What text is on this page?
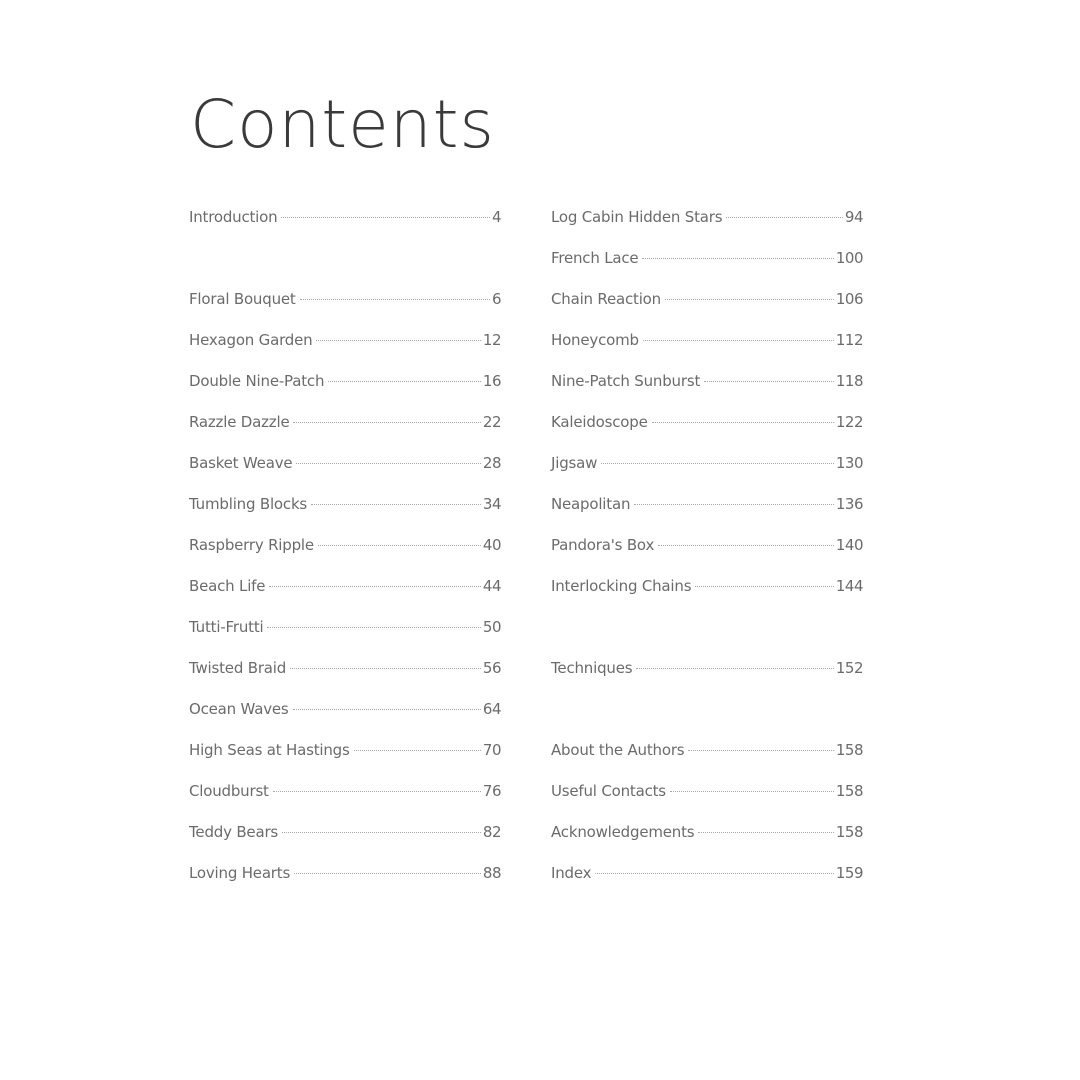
Contents
Introduction	4
Floral Bouquet	6
Hexagon Garden	12
Double Nine-Patch	16
Razzle Dazzle	22
Basket Weave	28
Tumbling Blocks	34
Raspberry Ripple	40
Beach Life	44
Tutti-Frutti	50
Twisted Braid	56
Ocean Waves	64
High Seas at Hastings	70
Cloudburst	76
Teddy Bears	82
Loving Hearts	88
Log Cabin Hidden Stars	94
French Lace	100
Chain Reaction	106
Honeycomb	112
Nine-Patch Sunburst	118
Kaleidoscope	122
Jigsaw	130
Neapolitan	136
Pandora's Box	140
Interlocking Chains	144
Techniques	152
About the Authors	158
Useful Contacts	158
Acknowledgements	158
Index	159
